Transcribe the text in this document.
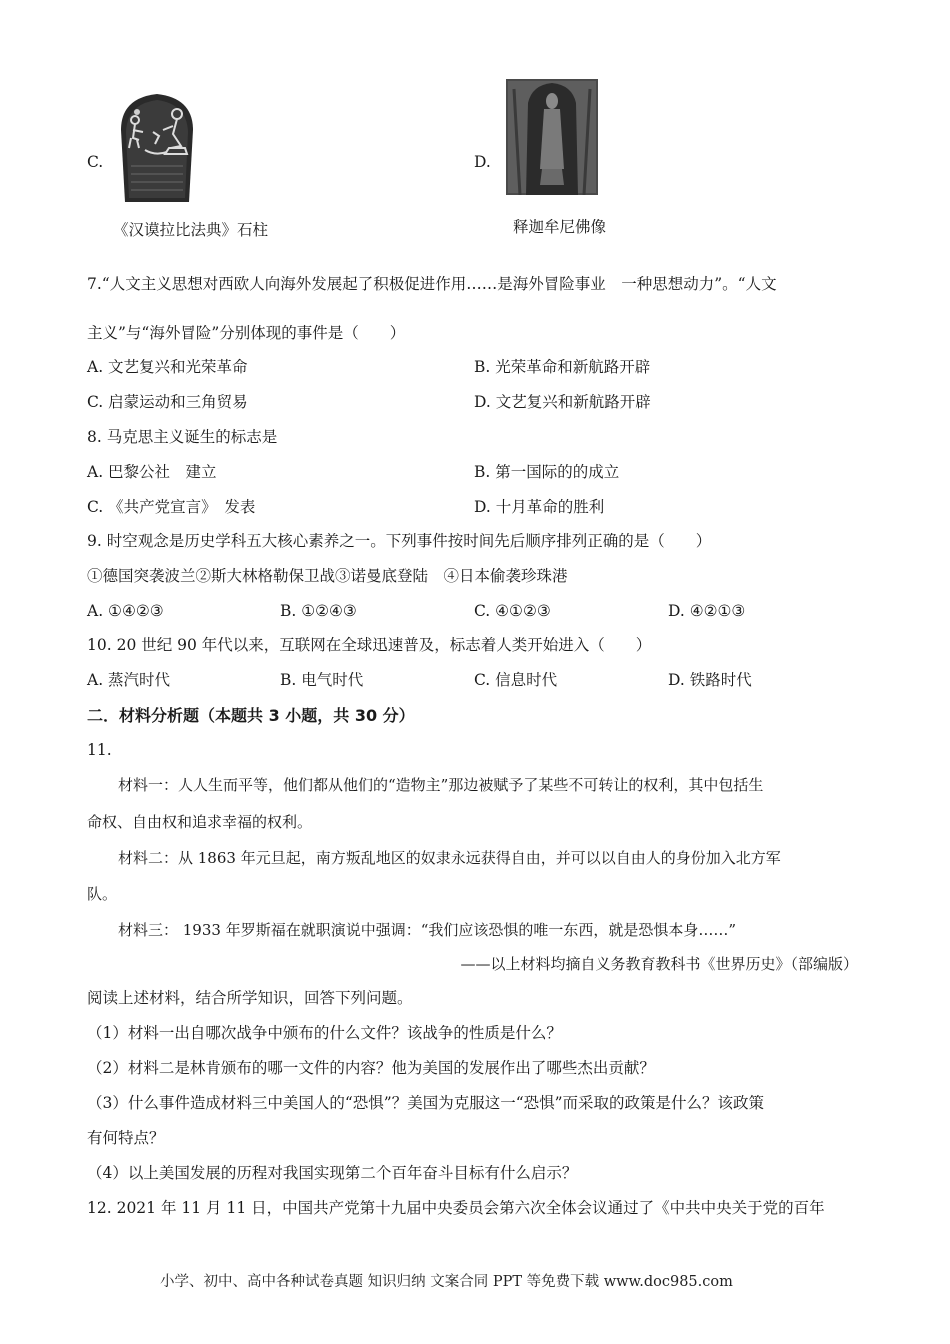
C.
《汉谟拉比法典》石柱
D.
释迦牟尼佛像
7.“人文主义思想对西欧人向海外发展起了积极促进作用……是海外冒险事业　一种思想动力”。“人文
主义”与“海外冒险”分别体现的事件是（　　）
A. 文艺复兴和光荣革命	B. 光荣革命和新航路开辟
C. 启蒙运动和三角贸易	D. 文艺复兴和新航路开辟
8. 马克思主义诞生的标志是
A. 巴黎公社　建立	B. 第一国际的的成立
C. 《共产党宣言》　发表	D. 十月革命的胜利
9. 时空观念是历史学科五大核心素养之一。下列事件按时间先后顺序排列正确的是（　　）
①德国突袭波兰②斯大林格勒保卫战③诺曼底登陆　④日本偷袭珍珠港
A. ①④②③	B. ①②④③	C. ④①②③	D. ④②①③
10. 20 世纪 90 年代以来，互联网在全球迅速普及，标志着人类开始进入（　　）
A. 蒸汽时代	B. 电气时代	C. 信息时代	D. 铁路时代
二．材料分析题（本题共 3 小题，共 30 分）
11.
材料一：人人生而平等，他们都从他们的“造物主”那边被赋予了某些不可转让的权利，其中包括生
命权、自由权和追求幸福的权利。
材料二：从 1863 年元旦起，南方叛乱地区的奴隶永远获得自由，并可以以自由人的身份加入北方军
队。
材料三： 1933 年罗斯福在就职演说中强调：“我们应该恐惧的唯一东西，就是恐惧本身……”
——以上材料均摘自义务教育教科书《世界历史》（部编版）
阅读上述材料，结合所学知识，回答下列问题。
（1）材料一出自哪次战争中颁布的什么文件？该战争的性质是什么？
（2）材料二是林肯颁布的哪一文件的内容？他为美国的发展作出了哪些杰出贡献？
（3）什么事件造成材料三中美国人的“恐惧”？美国为克服这一“恐惧”而采取的政策是什么？该政策
有何特点？
（4）以上美国发展的历程对我国实现第二个百年奋斗目标有什么启示？
12. 2021 年 11 月 11 日，中国共产党第十九届中央委员会第六次全体会议通过了《中共中央关于党的百年
小学、初中、高中各种试卷真题 知识归纳 文案合同 PPT 等免费下载 www.doc985.com
